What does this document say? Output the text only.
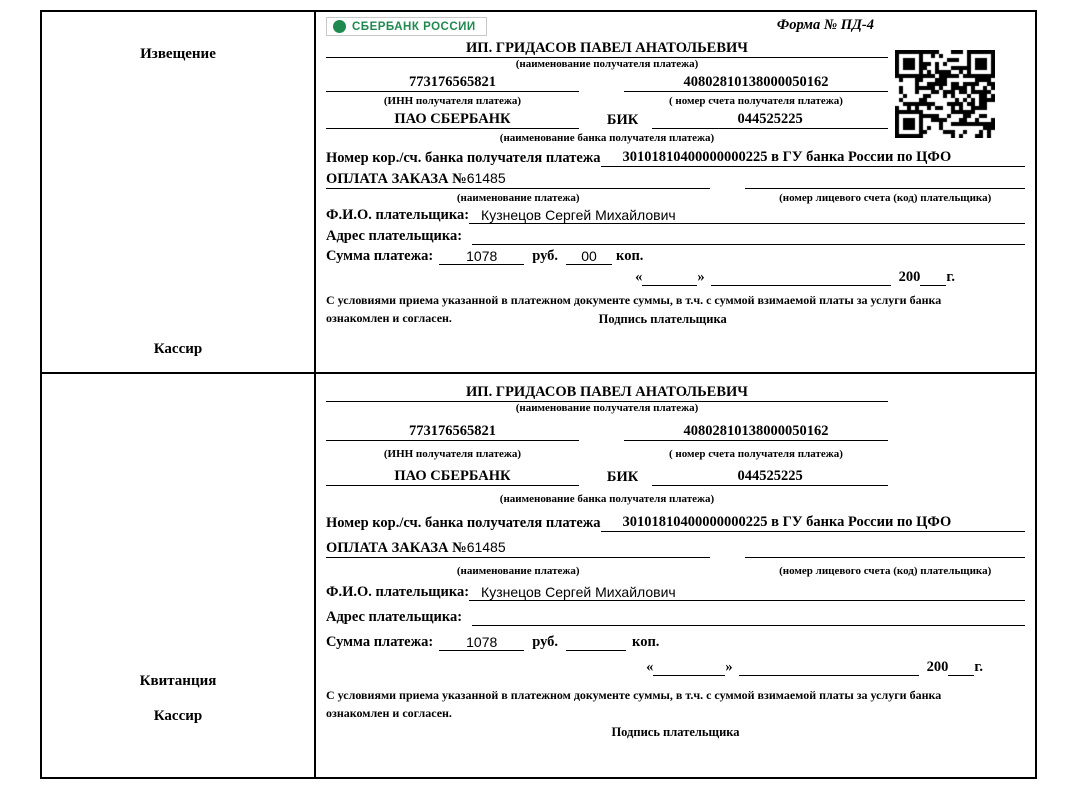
Извещение
Кассир
СБЕРБАНК РОССИИ	Форма № ПД-4
ИП. ГРИДАСОВ ПАВЕЛ АНАТОЛЬЕВИЧ
(наименование получателя платежа)
773176565821	40802810138000050162
(ИНН получателя платежа)	( номер счета получателя платежа)
ПАО СБЕРБАНК	БИК	044525225
(наименование банка получателя платежа)
Номер кор./сч. банка получателя платежа	30101810400000000225 в ГУ банка России по ЦФО
ОПЛАТА ЗАКАЗА №61485
(наименование платежа)	(номер лицевого счета (код) плательщика)
Ф.И.О. плательщика: Кузнецов Сергей Михайлович
Адрес плательщика:
Сумма платежа:	1078	руб.	00	коп.
«	»	200 г.

С условиями приема указанной в платежном документе суммы, в т.ч. с суммой взимаемой платы за услуги банка ознакомлен и согласен.	Подпись плательщика
Квитанция
Кассир
ИП. ГРИДАСОВ ПАВЕЛ АНАТОЛЬЕВИЧ
(наименование получателя платежа)
773176565821	40802810138000050162
(ИНН получателя платежа)	( номер счета получателя платежа)
ПАО СБЕРБАНК	БИК	044525225
(наименование банка получателя платежа)
Номер кор./сч. банка получателя платежа	30101810400000000225 в ГУ банка России по ЦФО
ОПЛАТА ЗАКАЗА №61485
(наименование платежа)	(номер лицевого счета (код) плательщика)
Ф.И.О. плательщика: Кузнецов Сергей Михайлович
Адрес плательщика:
Сумма платежа:	1078	руб.	коп.
«	»	200 г.

С условиями приема указанной в платежном документе суммы, в т.ч. с суммой взимаемой платы за услуги банка ознакомлен и согласен.

Подпись плательщика
